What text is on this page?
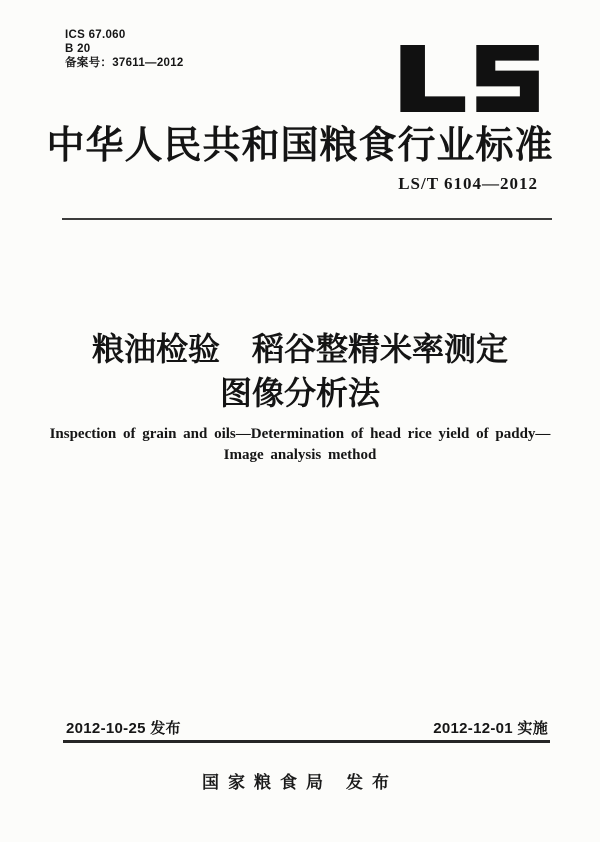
ICS 67.060
B 20
备案号：37611—2012
中华人民共和国粮食行业标准
LS/T 6104—2012
粮油检验　稻谷整精米率测定
图像分析法
Inspection of grain and oils—Determination of head rice yield of paddy—
Image analysis method
2012-10-25 发布	2012-12-01 实施
国家粮食局 发布
